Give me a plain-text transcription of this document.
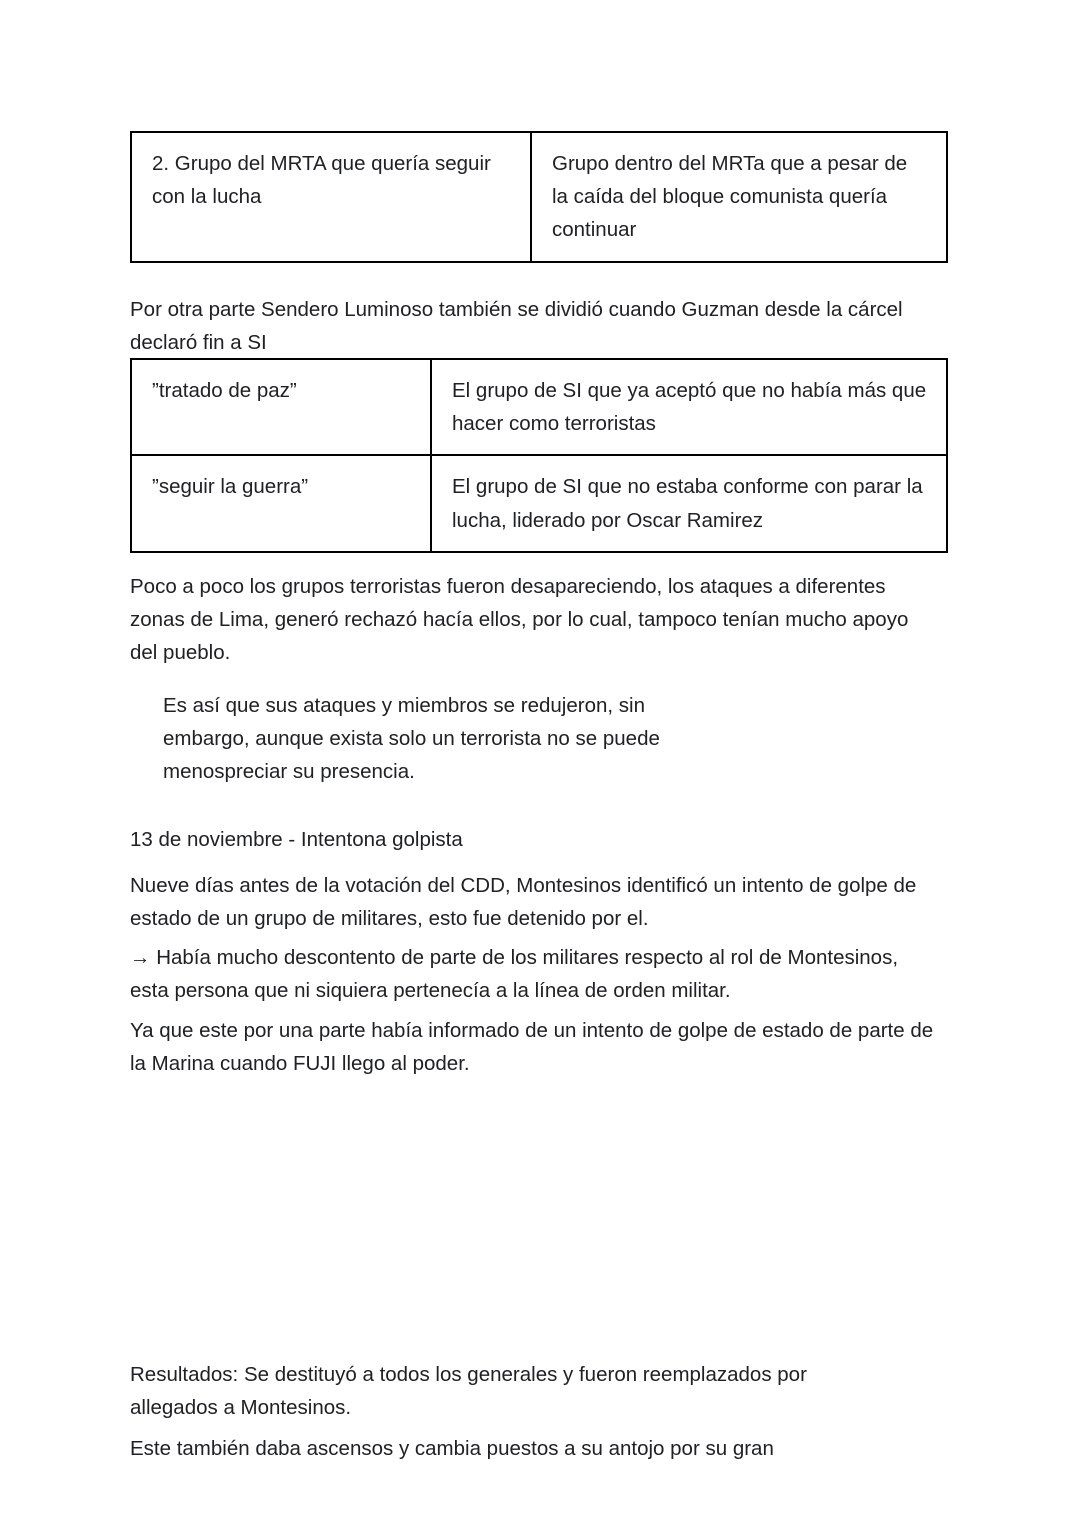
2. Grupo del MRTA que quería seguir con la lucha	Grupo dentro del MRTa que a pesar de la caída del bloque comunista quería continuar

Por otra parte Sendero Luminoso también se dividió cuando Guzman desde la cárcel declaró fin a SI

”tratado de paz”	El grupo de SI que ya aceptó que no había más que hacer como terroristas
”seguir la guerra”	El grupo de SI que no estaba conforme con parar la lucha, liderado por Oscar Ramirez

Poco a poco los grupos terroristas fueron desapareciendo, los ataques a diferentes zonas de Lima, generó rechazó hacía ellos, por lo cual, tampoco tenían mucho apoyo del pueblo.

Es así que sus ataques y miembros se redujeron, sin embargo, aunque exista solo un terrorista no se puede menospreciar su presencia.

13 de noviembre - Intentona golpista

Nueve días antes de la votación del CDD, Montesinos identificó un intento de golpe de estado de un grupo de militares, esto fue detenido por el.

→ Había mucho descontento de parte de los militares respecto al rol de Montesinos, esta persona que ni siquiera pertenecía a la línea de orden militar.

Ya que este por una parte había informado de un intento de golpe de estado de parte de la Marina cuando FUJI llego al poder.

Resultados: Se destituyó a todos los generales y fueron reemplazados por allegados a Montesinos.

Este también daba ascensos y cambia puestos a su antojo por su gran
